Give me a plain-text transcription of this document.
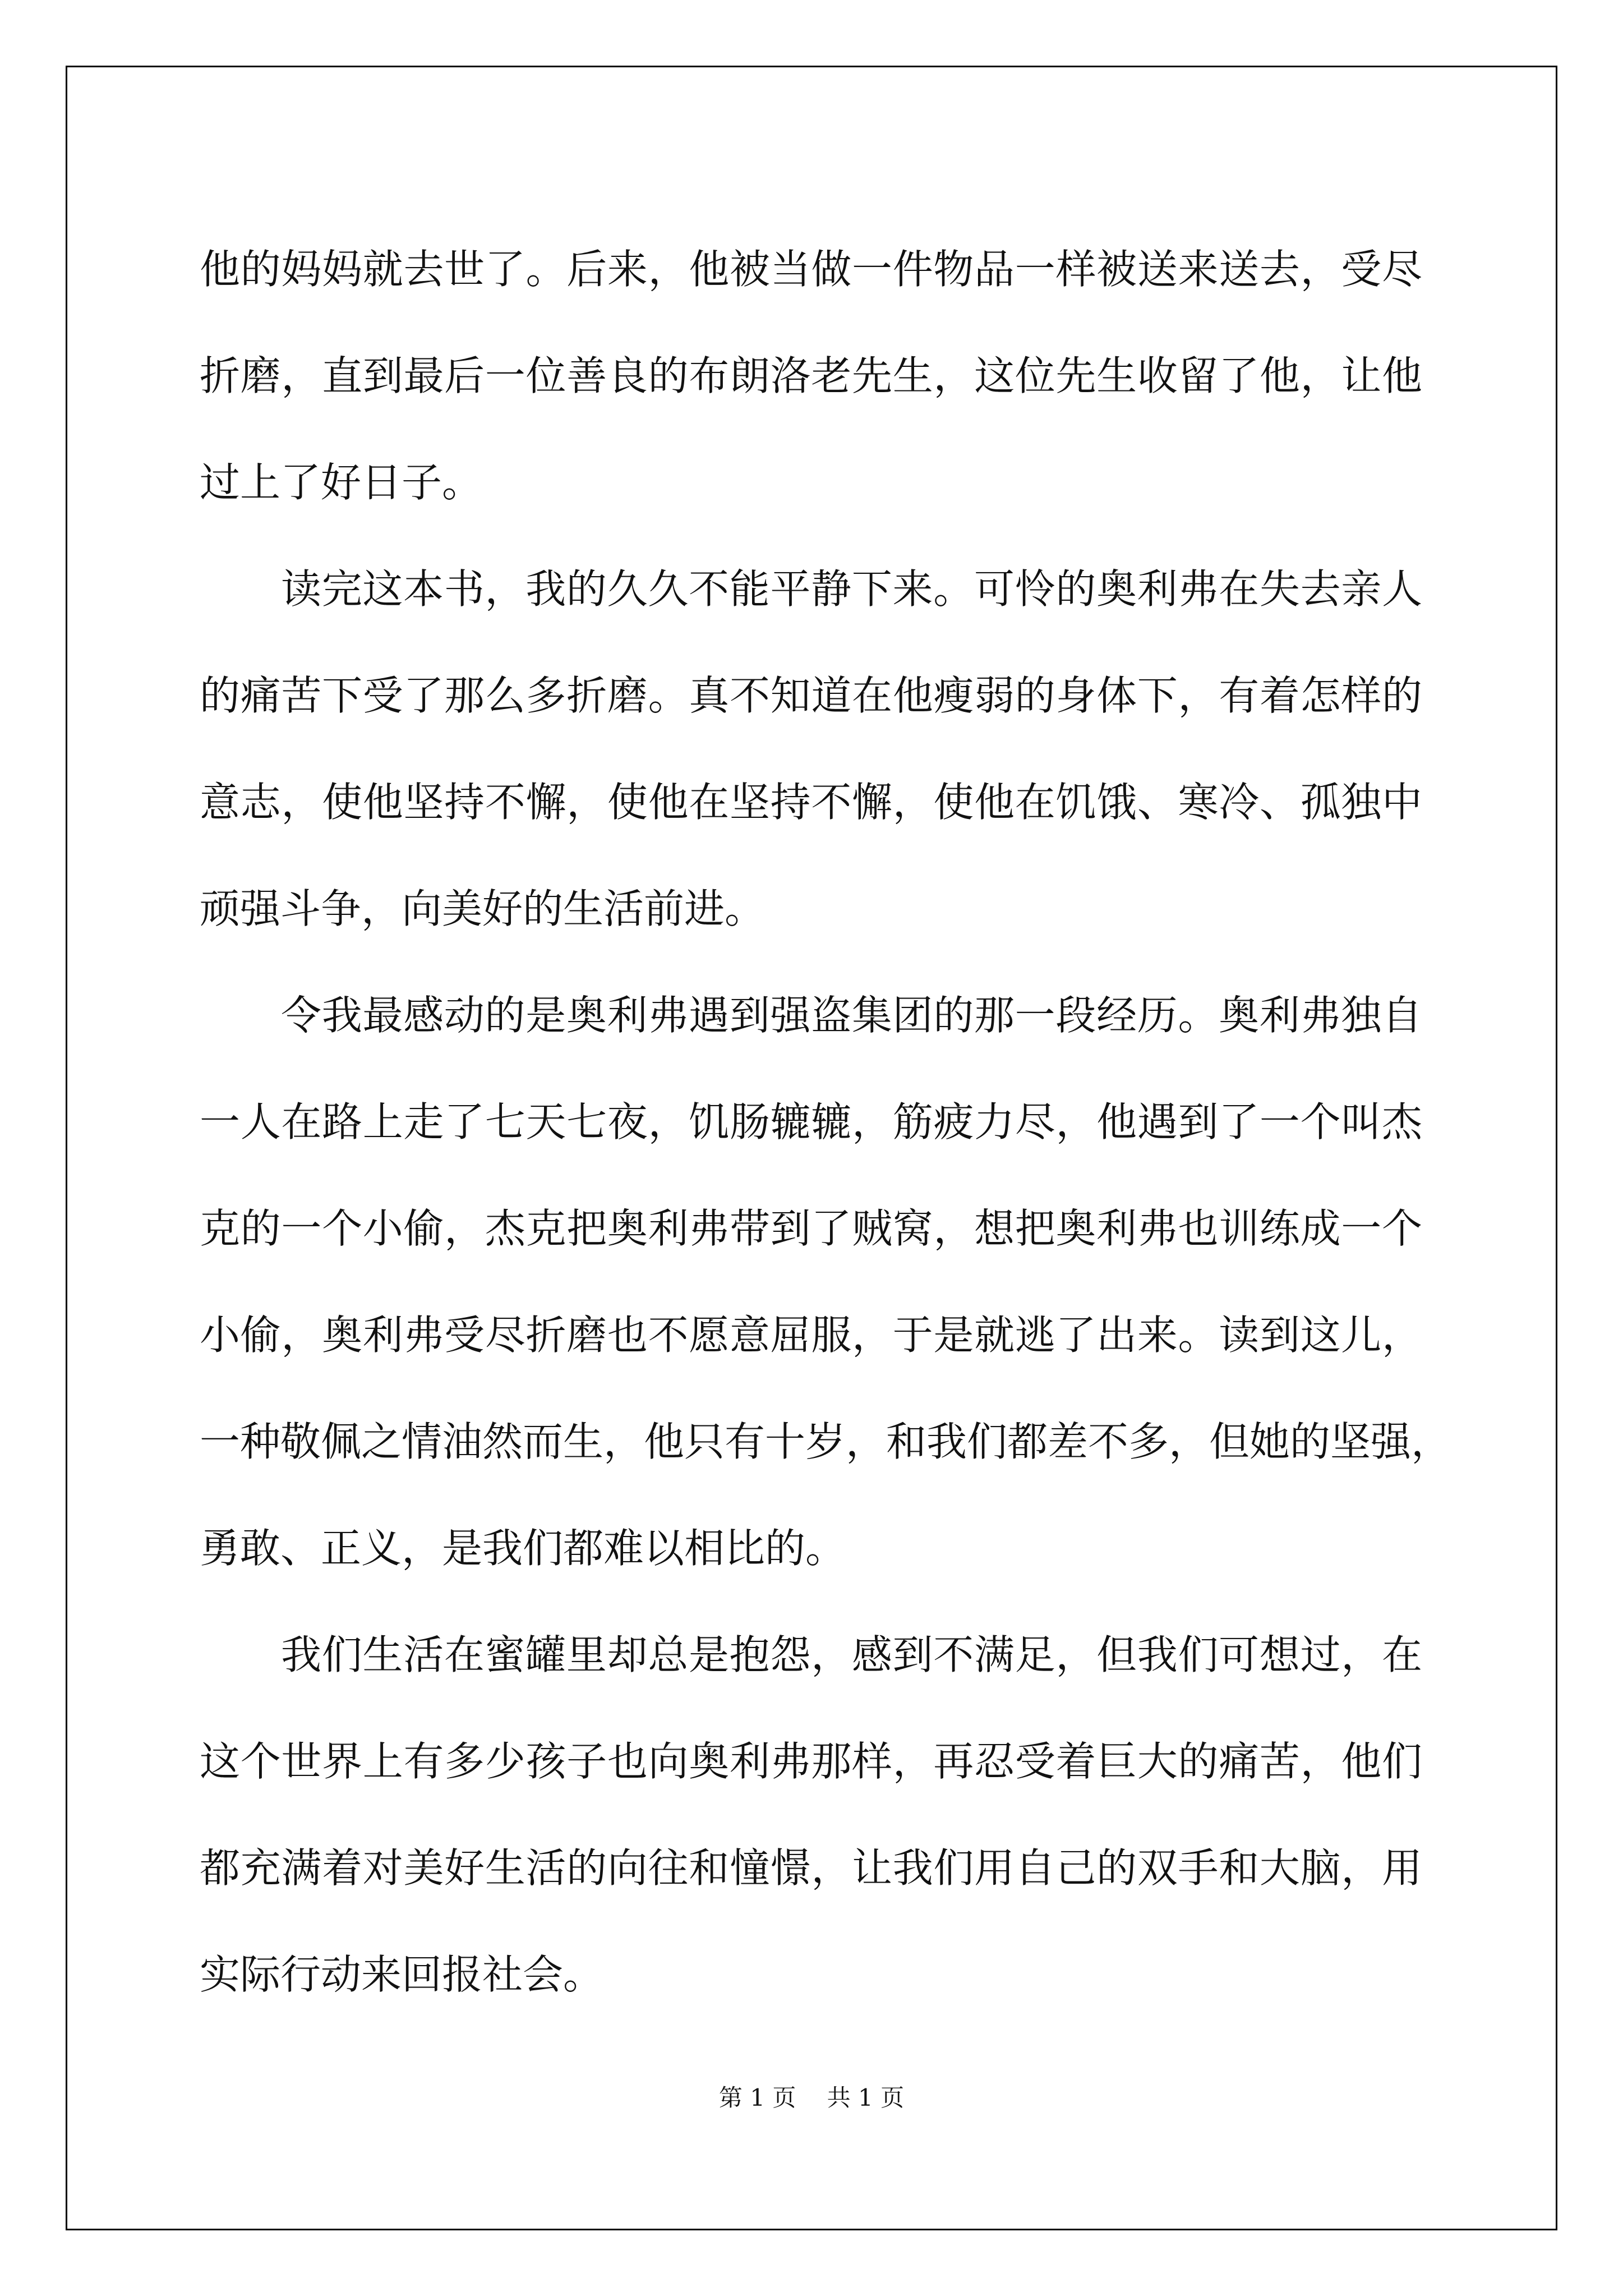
他的妈妈就去世了。后来，他被当做一件物品一样被送来送去，受尽
折磨，直到最后一位善良的布朗洛老先生，这位先生收留了他，让他
过上了好日子。
读完这本书，我的久久不能平静下来。可怜的奥利弗在失去亲人
的痛苦下受了那么多折磨。真不知道在他瘦弱的身体下，有着怎样的
意志，使他坚持不懈，使他在坚持不懈，使他在饥饿、寒冷、孤独中
顽强斗争，向美好的生活前进。
令我最感动的是奥利弗遇到强盗集团的那一段经历。奥利弗独自
一人在路上走了七天七夜，饥肠辘辘，筋疲力尽，他遇到了一个叫杰
克的一个小偷，杰克把奥利弗带到了贼窝，想把奥利弗也训练成一个
小偷，奥利弗受尽折磨也不愿意屈服，于是就逃了出来。读到这儿，
一种敬佩之情油然而生，他只有十岁，和我们都差不多，但她的坚强，
勇敢、正义，是我们都难以相比的。
我们生活在蜜罐里却总是抱怨，感到不满足，但我们可想过，在
这个世界上有多少孩子也向奥利弗那样，再忍受着巨大的痛苦，他们
都充满着对美好生活的向往和憧憬，让我们用自己的双手和大脑，用
实际行动来回报社会。
第 1 页　 共 1 页
